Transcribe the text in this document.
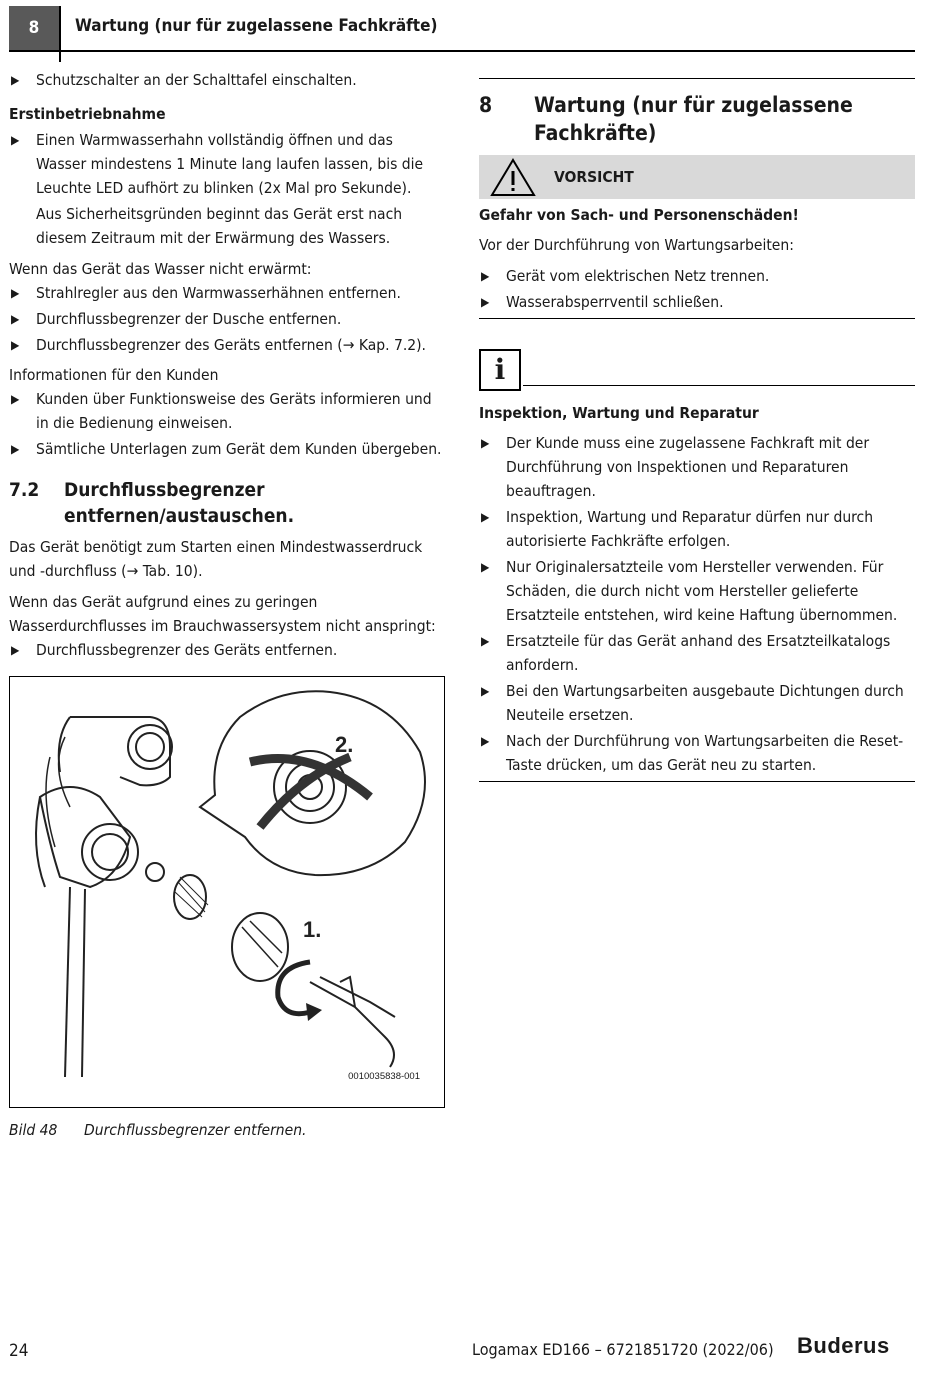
8	Wartung (nur für zugelassene Fachkräfte)
▶ Schutzschalter an der Schalttafel einschalten.

Erstinbetriebnahme

▶ Einen Warmwasserhahn vollständig öffnen und das Wasser mindestens 1 Minute lang laufen lassen, bis die Leuchte LED aufhört zu blinken (2x Mal pro Sekunde).

Aus Sicherheitsgründen beginnt das Gerät erst nach diesem Zeitraum mit der Erwärmung des Wassers.

Wenn das Gerät das Wasser nicht erwärmt:

▶ Strahlregler aus den Warmwasserhähnen entfernen.
▶ Durchflussbegrenzer der Dusche entfernen.
▶ Durchflussbegrenzer des Geräts entfernen (→ Kap. 7.2).

Informationen für den Kunden

▶ Kunden über Funktionsweise des Geräts informieren und in die Bedienung einweisen.
▶ Sämtliche Unterlagen zum Gerät dem Kunden übergeben.
7.2	Durchflussbegrenzer entfernen/austauschen.

Das Gerät benötigt zum Starten einen Mindestwasserdruck und -durchfluss (→ Tab. 10).

Wenn das Gerät aufgrund eines zu geringen Wasserdurchflusses im Brauchwassersystem nicht anspringt:

▶ Durchflussbegrenzer des Geräts entfernen.
2.
1.
0010035838-001
Bild 48	Durchflussbegrenzer entfernen.
8	Wartung (nur für zugelassene Fachkräfte)
VORSICHT

Gefahr von Sach- und Personenschäden!

Vor der Durchführung von Wartungsarbeiten:

▶ Gerät vom elektrischen Netz trennen.
▶ Wasserabsperrventil schließen.
i

Inspektion, Wartung und Reparatur

▶ Der Kunde muss eine zugelassene Fachkraft mit der Durchführung von Inspektionen und Reparaturen beauftragen.
▶ Inspektion, Wartung und Reparatur dürfen nur durch autorisierte Fachkräfte erfolgen.
▶ Nur Originalersatzteile vom Hersteller verwenden. Für Schäden, die durch nicht vom Hersteller gelieferte Ersatzteile entstehen, wird keine Haftung übernommen.
▶ Ersatzteile für das Gerät anhand des Ersatzteilkatalogs anfordern.
▶ Bei den Wartungsarbeiten ausgebaute Dichtungen durch Neuteile ersetzen.
▶ Nach der Durchführung von Wartungsarbeiten die Reset-Taste drücken, um das Gerät neu zu starten.
24	Logamax ED166 – 6721851720 (2022/06) Buderus
